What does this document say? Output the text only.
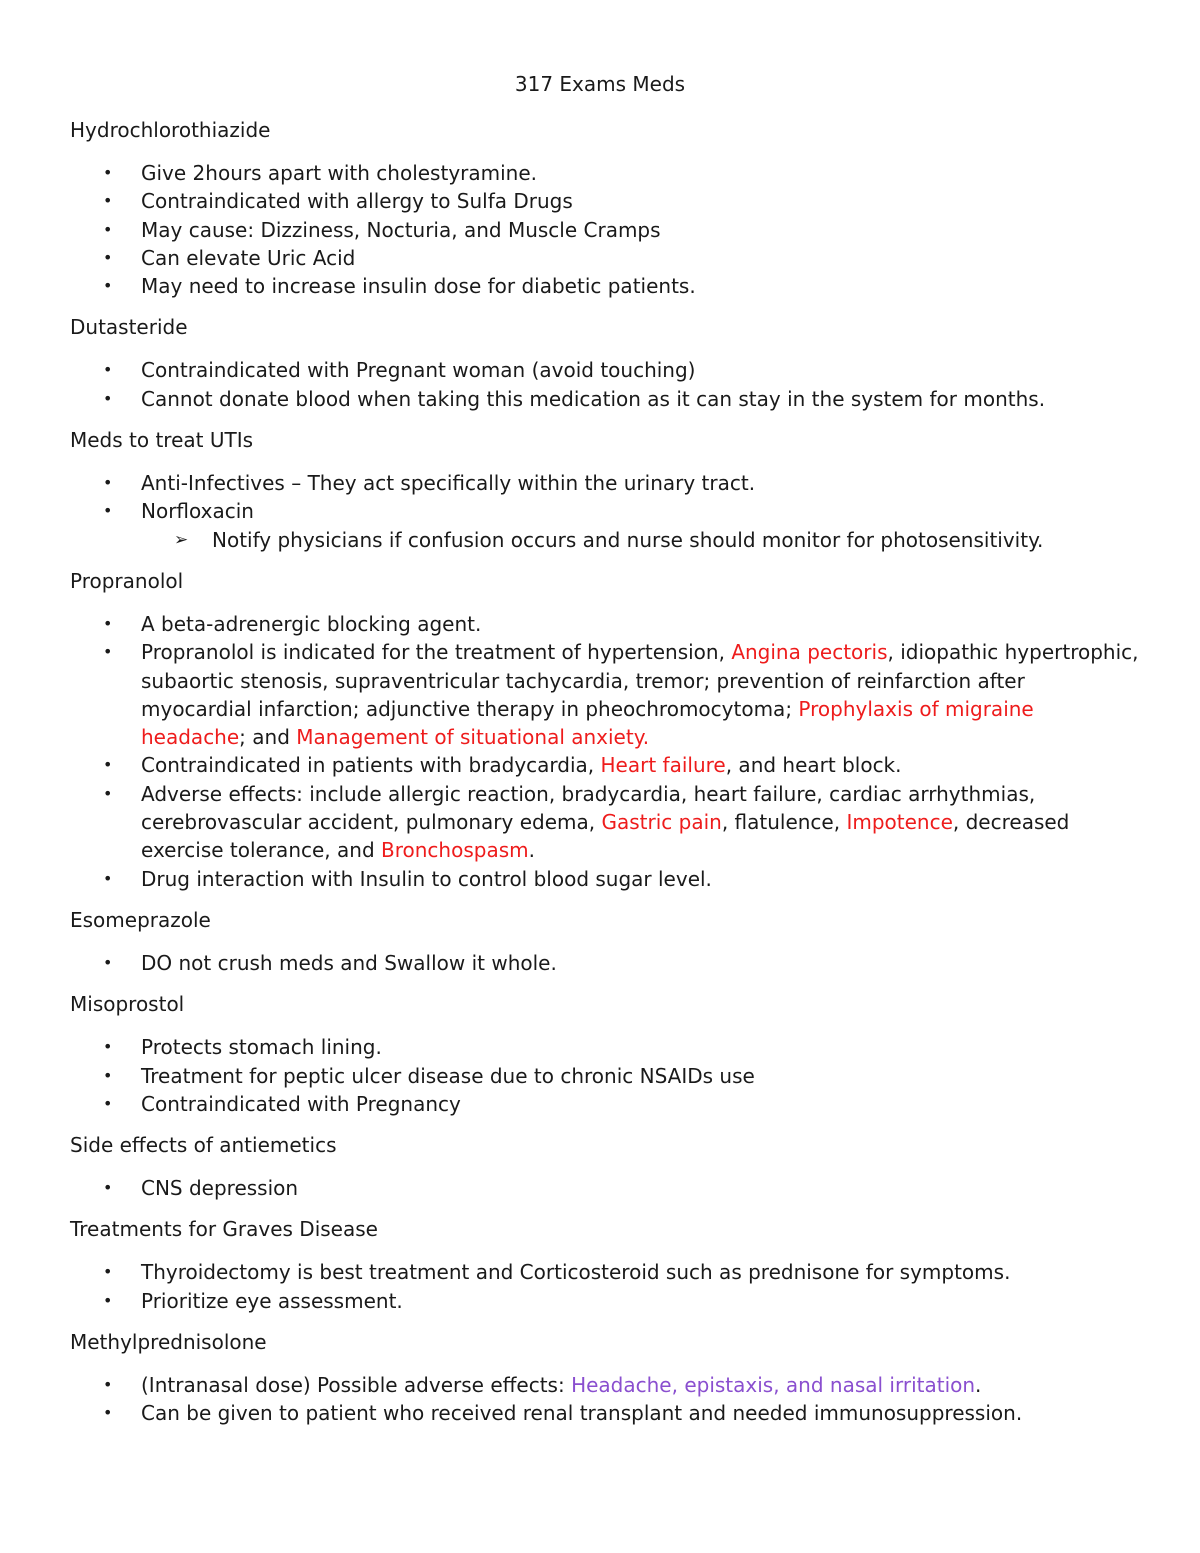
317 Exams Meds
Hydrochlorothiazide
• Give 2hours apart with cholestyramine.
• Contraindicated with allergy to Sulfa Drugs
• May cause: Dizziness, Nocturia, and Muscle Cramps
• Can elevate Uric Acid
• May need to increase insulin dose for diabetic patients.
Dutasteride
• Contraindicated with Pregnant woman (avoid touching)
• Cannot donate blood when taking this medication as it can stay in the system for months.
Meds to treat UTIs
• Anti-Infectives – They act specifically within the urinary tract.
• Norfloxacin
➢ Notify physicians if confusion occurs and nurse should monitor for photosensitivity.
Propranolol
• A beta-adrenergic blocking agent.
• Propranolol is indicated for the treatment of hypertension, Angina pectoris, idiopathic hypertrophic, subaortic stenosis, supraventricular tachycardia, tremor; prevention of reinfarction after myocardial infarction; adjunctive therapy in pheochromocytoma; Prophylaxis of migraine headache; and Management of situational anxiety.
• Contraindicated in patients with bradycardia, Heart failure, and heart block.
• Adverse effects: include allergic reaction, bradycardia, heart failure, cardiac arrhythmias, cerebrovascular accident, pulmonary edema, Gastric pain, flatulence, Impotence, decreased exercise tolerance, and Bronchospasm.
• Drug interaction with Insulin to control blood sugar level.
Esomeprazole
• DO not crush meds and Swallow it whole.
Misoprostol
• Protects stomach lining.
• Treatment for peptic ulcer disease due to chronic NSAIDs use
• Contraindicated with Pregnancy
Side effects of antiemetics
• CNS depression
Treatments for Graves Disease
• Thyroidectomy is best treatment and Corticosteroid such as prednisone for symptoms.
• Prioritize eye assessment.
Methylprednisolone
• (Intranasal dose) Possible adverse effects: Headache, epistaxis, and nasal irritation.
• Can be given to patient who received renal transplant and needed immunosuppression.
